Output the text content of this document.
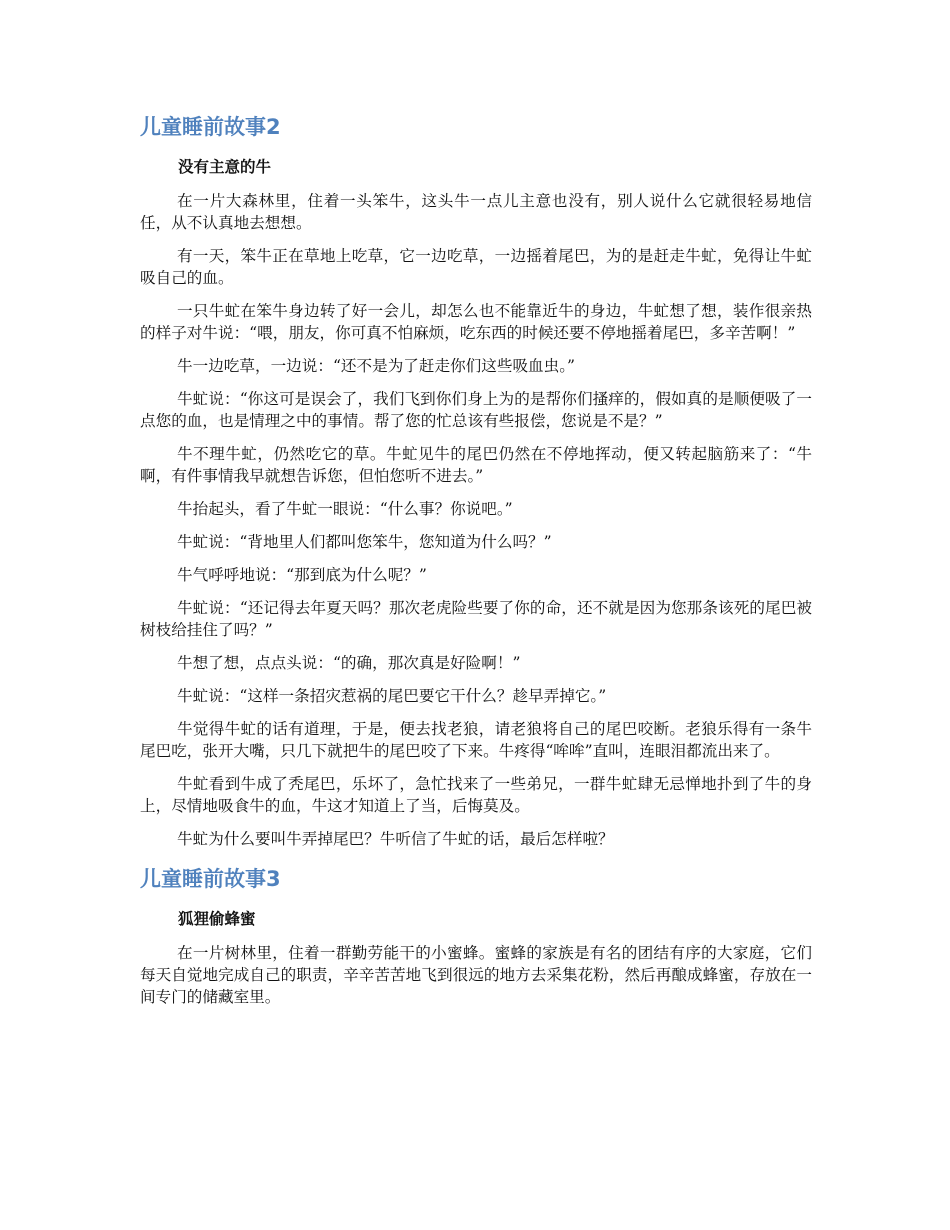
儿童睡前故事2
没有主意的牛

在一片大森林里，住着一头笨牛，这头牛一点儿主意也没有，别人说什么它就很轻易地信任，从不认真地去想想。

有一天，笨牛正在草地上吃草，它一边吃草，一边摇着尾巴，为的是赶走牛虻，免得让牛虻吸自己的血。

一只牛虻在笨牛身边转了好一会儿，却怎么也不能靠近牛的身边，牛虻想了想，装作很亲热的样子对牛说：“喂，朋友，你可真不怕麻烦，吃东西的时候还要不停地摇着尾巴，多辛苦啊！”

牛一边吃草，一边说：“还不是为了赶走你们这些吸血虫。”

牛虻说：“你这可是误会了，我们飞到你们身上为的是帮你们搔痒的，假如真的是顺便吸了一点您的血，也是情理之中的事情。帮了您的忙总该有些报偿，您说是不是？”

牛不理牛虻，仍然吃它的草。牛虻见牛的尾巴仍然在不停地挥动，便又转起脑筋来了：“牛啊，有件事情我早就想告诉您，但怕您听不进去。”

牛抬起头，看了牛虻一眼说：“什么事？你说吧。”

牛虻说：“背地里人们都叫您笨牛，您知道为什么吗？”

牛气呼呼地说：“那到底为什么呢？”

牛虻说：“还记得去年夏天吗？那次老虎险些要了你的命，还不就是因为您那条该死的尾巴被树枝给挂住了吗？”

牛想了想，点点头说：“的确，那次真是好险啊！”

牛虻说：“这样一条招灾惹祸的尾巴要它干什么？趁早弄掉它。”

牛觉得牛虻的话有道理，于是，便去找老狼，请老狼将自己的尾巴咬断。老狼乐得有一条牛尾巴吃，张开大嘴，只几下就把牛的尾巴咬了下来。牛疼得“哞哞”直叫，连眼泪都流出来了。

牛虻看到牛成了秃尾巴，乐坏了，急忙找来了一些弟兄，一群牛虻肆无忌惮地扑到了牛的身上，尽情地吸食牛的血，牛这才知道上了当，后悔莫及。

牛虻为什么要叫牛弄掉尾巴？牛听信了牛虻的话，最后怎样啦？

儿童睡前故事3
狐狸偷蜂蜜

在一片树林里，住着一群勤劳能干的小蜜蜂。蜜蜂的家族是有名的团结有序的大家庭，它们每天自觉地完成自己的职责，辛辛苦苦地飞到很远的地方去采集花粉，然后再酿成蜂蜜，存放在一间专门的储藏室里。
